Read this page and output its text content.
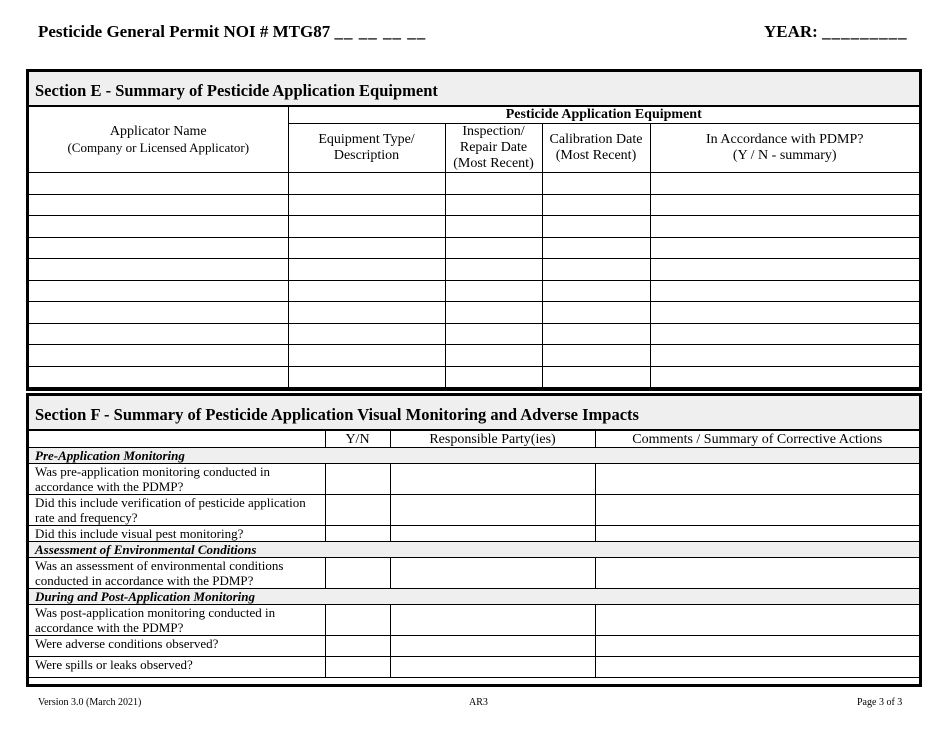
Pesticide General Permit NOI # MTG87 __ __ __ __	YEAR: _________
Section E - Summary of Pesticide Application Equipment
Applicator Name
(Company or Licensed Applicator)	Pesticide Application Equipment			
	Equipment Type/ Description	Inspection/ Repair Date (Most Recent)	Calibration Date (Most Recent)	In Accordance with PDMP?
(Y / N - summary)

Section F - Summary of Pesticide Application Visual Monitoring and Adverse Impacts
	Y/N	Responsible Party(ies)	Comments / Summary of Corrective Actions
Pre-Application Monitoring			
Was pre-application monitoring conducted in accordance with the PDMP?			
Did this include verification of pesticide application rate and frequency?			
Did this include visual pest monitoring?			
Assessment of Environmental Conditions			
Was an assessment of environmental conditions conducted in accordance with the PDMP?			
During and Post-Application Monitoring			
Was post-application monitoring conducted in accordance with the PDMP?			
Were adverse conditions observed?			
Were spills or leaks observed?			
Version 3.0 (March 2021)	AR3	Page 3 of 3
